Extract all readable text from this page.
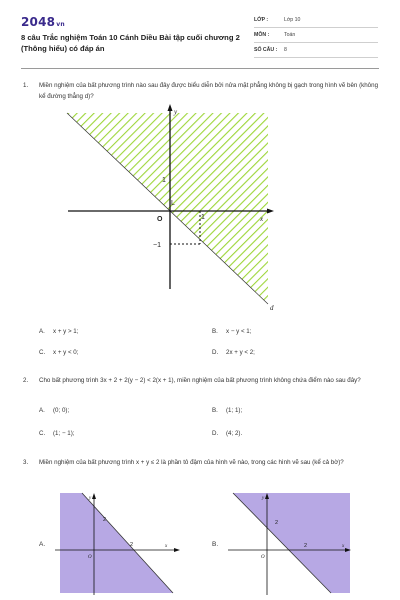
2048vn
8 câu Trắc nghiệm Toán 10 Cánh Diều Bài tập cuối chương 2 (Thông hiểu) có đáp án
LỚP :	Lớp 10
MÔN :	Toán
SỐ CÂU : 8
1. Miền nghiệm của bất phương trình nào sau đây được biểu diễn bởi nửa mặt phẳng không bị gạch trong hình vẽ bên (không kể đường thẳng d)?
y
x
O
1
−1
1
L
d
A. x + y > 1;	B. x − y < 1;
C. x + y < 0;	D. 2x + y < 2;
2. Cho bất phương trình 3x + 2 + 2(y − 2) < 2(x + 1), miền nghiệm của bất phương trình không chứa điểm nào sau đây?
A. (0; 0);	B. (1; 1);
C. (1; − 1);	D. (4; 2).
3. Miền nghiệm của bất phương trình x + y ≤ 2 là phần tô đậm của hình vẽ nào, trong các hình vẽ sau (kể cả bờ)?
A.
y
x
O
2
2	B.
y
x
O
2
2
